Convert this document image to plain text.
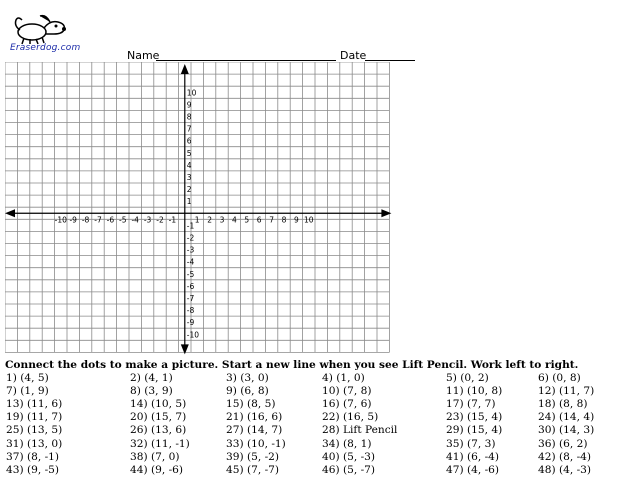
Eraserdog.com
Name	Date
-10 -9 -8 -7 -6 -5 -4 -3 -2 -1 1 2 3 4 5 6 7 8 9 10
10
9
8
7
6
5
4
3
2
1
-1
-2
-3
-4
-5
-6
-7
-8
-9
-10
Connect the dots to make a picture. Start a new line when you see Lift Pencil. Work left to right.
1) (4, 5)	2) (4, 1)	3) (3, 0)	4) (1, 0)	5) (0, 2)	6) (0, 8)
7) (1, 9)	8) (3, 9)	9) (6, 8)	10) (7, 8)	11) (10, 8)	12) (11, 7)
13) (11, 6)	14) (10, 5)	15) (8, 5)	16) (7, 6)	17) (7, 7)	18) (8, 8)
19) (11, 7)	20) (15, 7)	21) (16, 6)	22) (16, 5)	23) (15, 4)	24) (14, 4)
25) (13, 5)	26) (13, 6)	27) (14, 7)	28) Lift Pencil	29) (15, 4)	30) (14, 3)
31) (13, 0)	32) (11, -1)	33) (10, -1)	34) (8, 1)	35) (7, 3)	36) (6, 2)
37) (8, -1)	38) (7, 0)	39) (5, -2)	40) (5, -3)	41) (6, -4)	42) (8, -4)
43) (9, -5)	44) (9, -6)	45) (7, -7)	46) (5, -7)	47) (4, -6)	48) (4, -3)
